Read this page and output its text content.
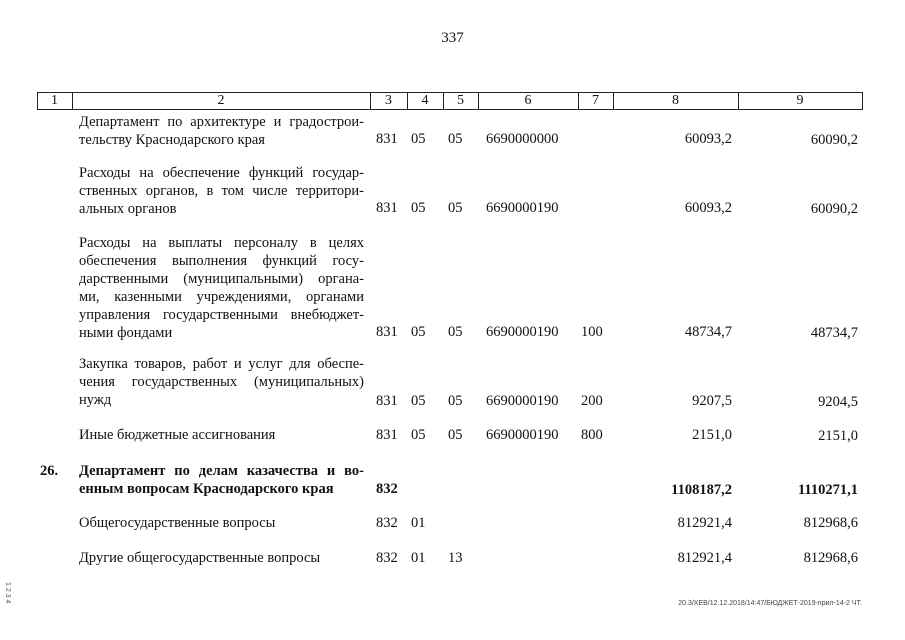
337
1	2	3	4	5	6	7	8	9
Департамент по архитектуре и градострои-
тельству Краснодарского края	831 05 05 6690000000	60093,2	60090,2
Расходы на обеспечение функций государ-
ственных органов, в том числе территори-
альных органов	831 05 05 6690000190	60093,2	60090,2
Расходы на выплаты персоналу в целях
обеспечения выполнения функций госу-
дарственными (муниципальными) органа-
ми, казенными учреждениями, органами
управления государственными внебюджет-
ными фондами	831 05 05 6690000190 100	48734,7	48734,7
Закупка товаров, работ и услуг для обеспе-
чения государственных (муниципальных)
нужд	831 05 05 6690000190 200	9207,5	9204,5
Иные бюджетные ассигнования	831 05 05 6690000190 800	2151,0	2151,0
26. Департамент по делам казачества и во-
енным вопросам Краснодарского края	832	1108187,2	1110271,1
Общегосударственные вопросы	832 01	812921,4	812968,6
Другие общегосударственные вопросы	832 01 13	812921,4	812968,6
1 2 3 4
20.3/ХЕВ/12.12.2018/14:47/БЮДЖЕТ-2019-прил-14-2 ЧТ.
